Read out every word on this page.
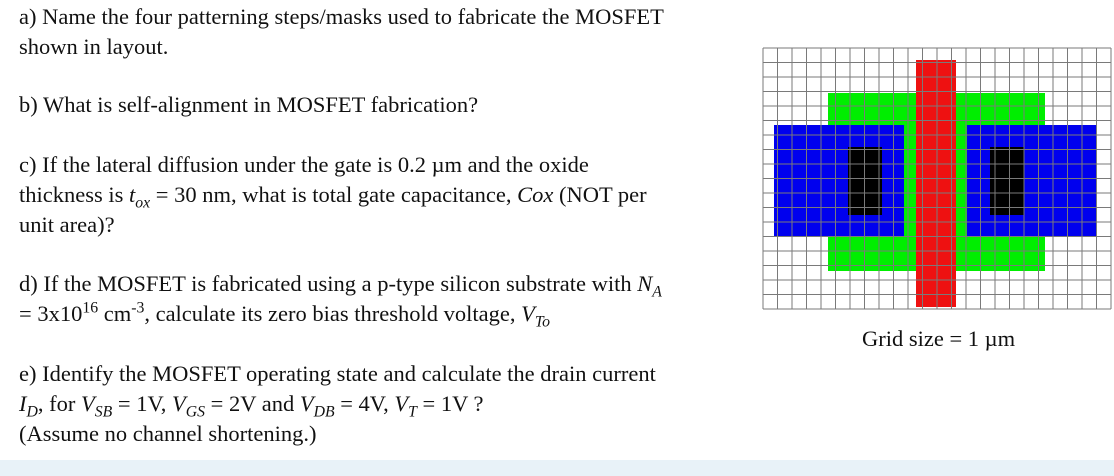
a) Name the four patterning steps/masks used to fabricate the MOSFET
shown in layout.

b) What is self-alignment in MOSFET fabrication?

c) If the lateral diffusion under the gate is 0.2 µm and the oxide
thickness is $t_{ox} = 30$ nm, what is total gate capacitance, Cox (NOT per
unit area)?

d) If the MOSFET is fabricated using a p-type silicon substrate with $N_A$
= $3x10^{16}$ $cm^{-3}$, calculate its zero bias threshold voltage, $V_{To}$

e) Identify the MOSFET operating state and calculate the drain current
$I_D$, for $V_{SB} = 1V$, $V_{GS} = 2V$ and $V_{DB} = 4V$, $V_T = 1V$ ?
(Assume no channel shortening.)

Grid size = 1 µm
